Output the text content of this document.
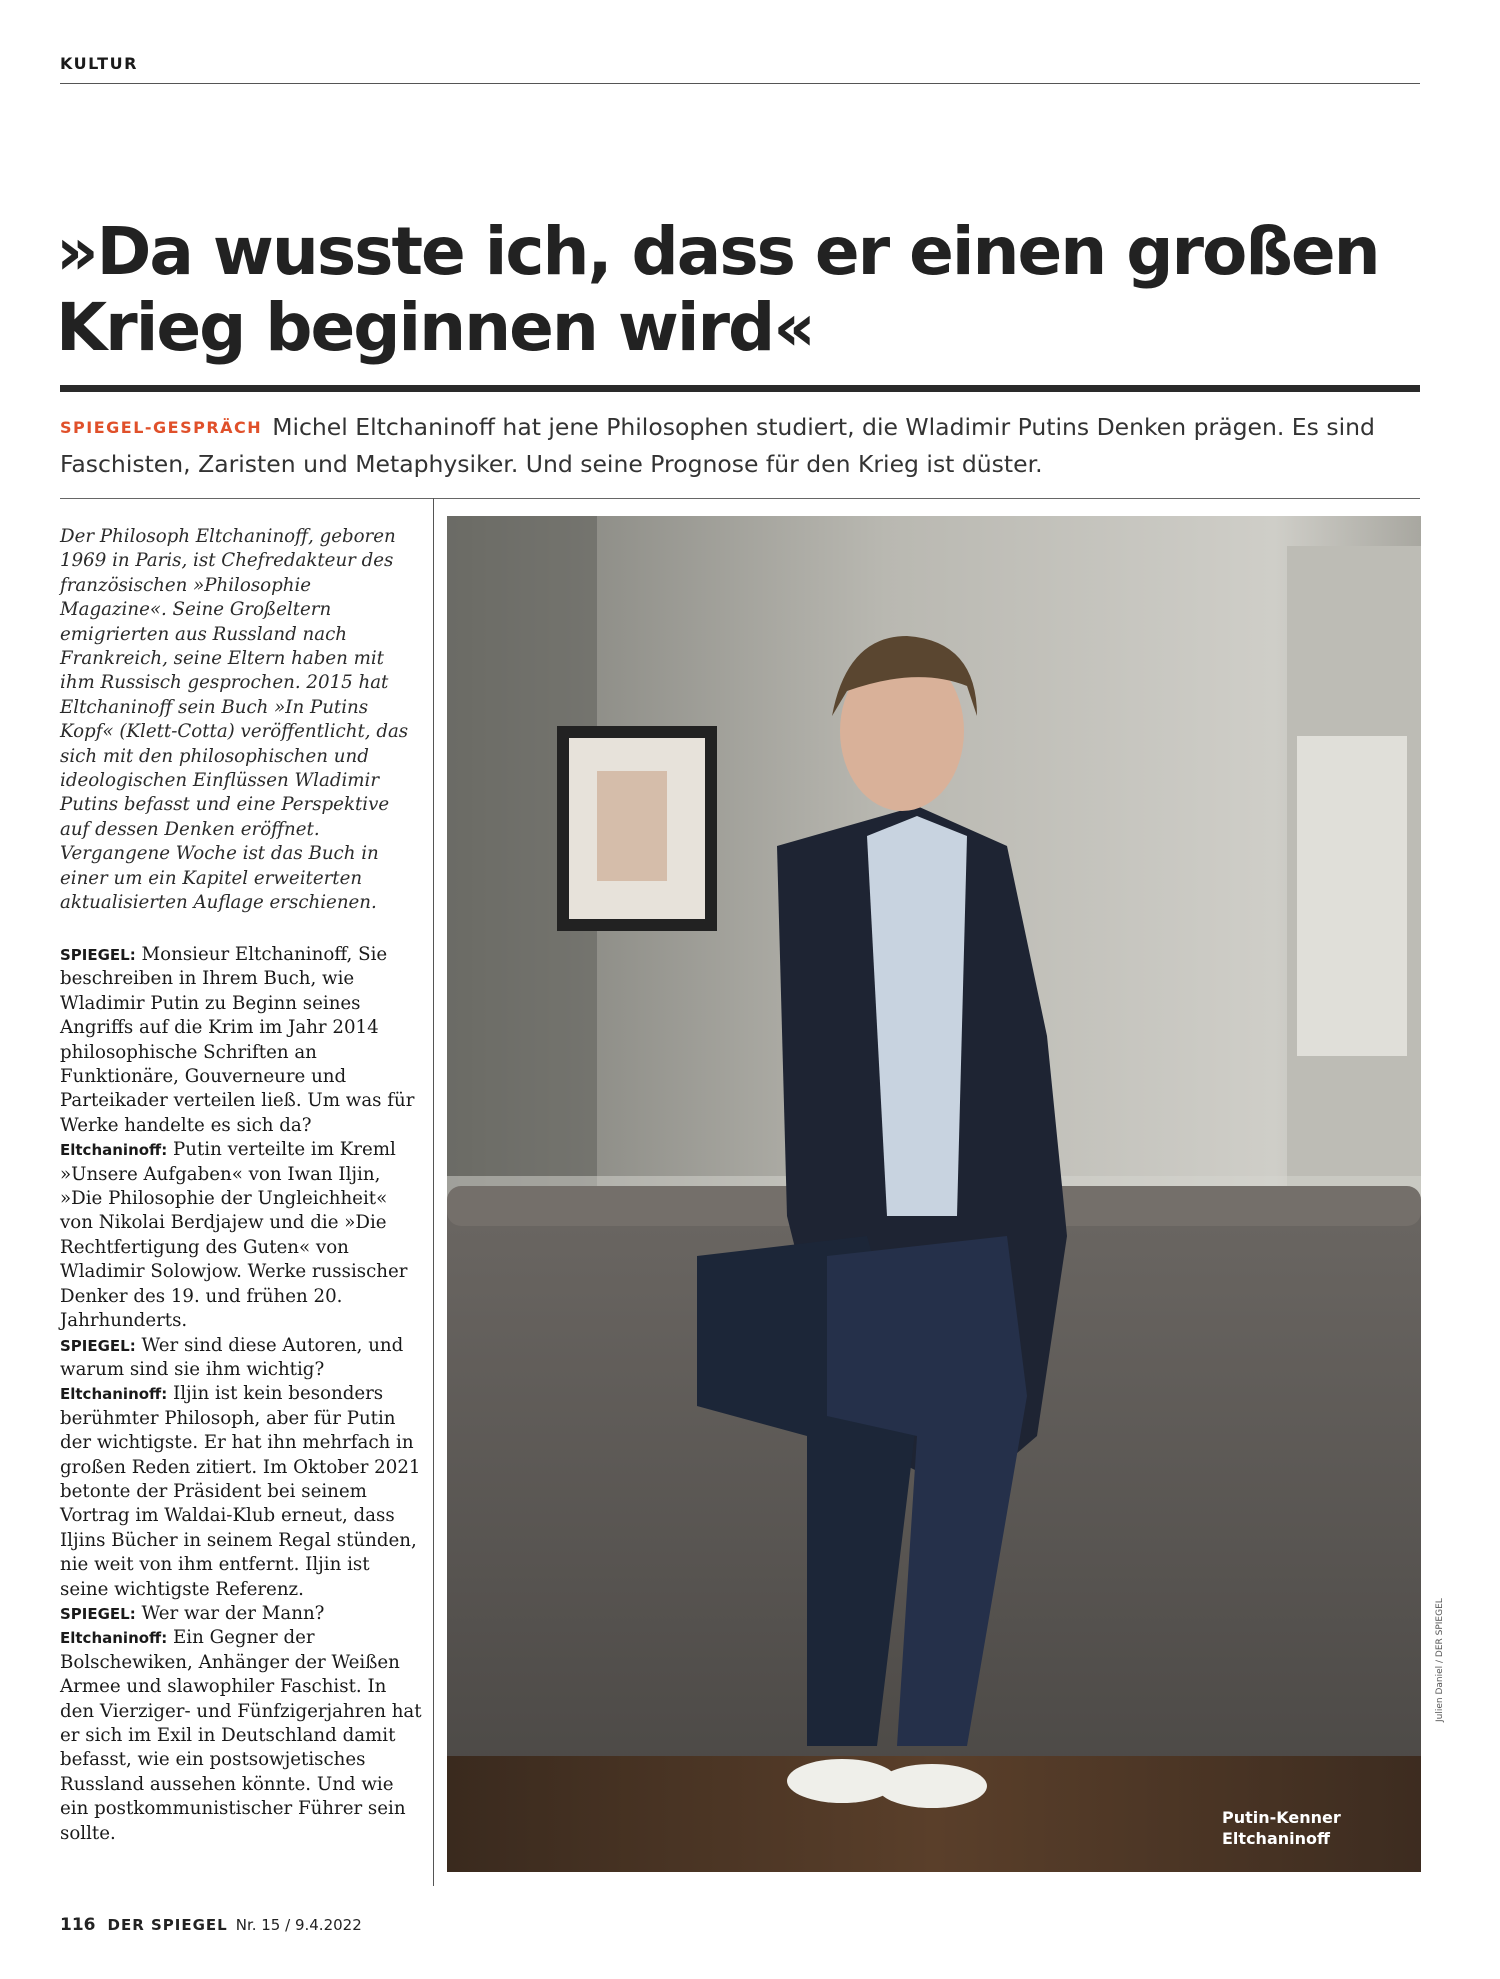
KULTUR
»Da wusste ich, dass er einen großen Krieg beginnen wird«
SPIEGEL-GESPRÄCH Michel Eltchaninoff hat jene Philosophen studiert, die Wladimir Putins Denken prägen. Es sind Faschisten, Zaristen und Metaphysiker. Und seine Prognose für den Krieg ist düster.
Der Philosoph Eltchaninoff, geboren 1969 in Paris, ist Chefredakteur des französischen »Philosophie Magazine«. Seine Großeltern emigrierten aus Russland nach Frankreich, seine Eltern haben mit ihm Russisch gesprochen. 2015 hat Eltchaninoff sein Buch »In Putins Kopf« (Klett-Cotta) veröffentlicht, das sich mit den philosophischen und ideologischen Einflüssen Wladimir Putins befasst und eine Perspektive auf dessen Denken eröffnet. Vergangene Woche ist das Buch in einer um ein Kapitel erweiterten aktualisierten Auflage erschienen.

SPIEGEL: Monsieur Eltchaninoff, Sie beschreiben in Ihrem Buch, wie Wladimir Putin zu Beginn seines Angriffs auf die Krim im Jahr 2014 philosophische Schriften an Funktionäre, Gouverneure und Parteikader verteilen ließ. Um was für Werke handelte es sich da?

Eltchaninoff: Putin verteilte im Kreml »Unsere Aufgaben« von Iwan Iljin, »Die Philosophie der Ungleichheit« von Nikolai Berdjajew und die »Die Rechtfertigung des Guten« von Wladimir Solowjow. Werke russischer Denker des 19. und frühen 20. Jahrhunderts.

SPIEGEL: Wer sind diese Autoren, und warum sind sie ihm wichtig?

Eltchaninoff: Iljin ist kein besonders berühmter Philosoph, aber für Putin der wichtigste. Er hat ihn mehrfach in großen Reden zitiert. Im Oktober 2021 betonte der Präsident bei seinem Vortrag im Waldai-Klub erneut, dass Iljins Bücher in seinem Regal stünden, nie weit von ihm entfernt. Iljin ist seine wichtigste Referenz.

SPIEGEL: Wer war der Mann?

Eltchaninoff: Ein Gegner der Bolschewiken, Anhänger der Weißen Armee und slawophiler Faschist. In den Vierziger- und Fünfzigerjahren hat er sich im Exil in Deutschland damit befasst, wie ein postsowjetisches Russland aussehen könnte. Und wie ein postkommunistischer Führer sein sollte.

Putin-Kenner
Eltchaninoff
Julien Daniel / DER SPIEGEL
116 DER SPIEGEL Nr. 15 / 9.4.2022
